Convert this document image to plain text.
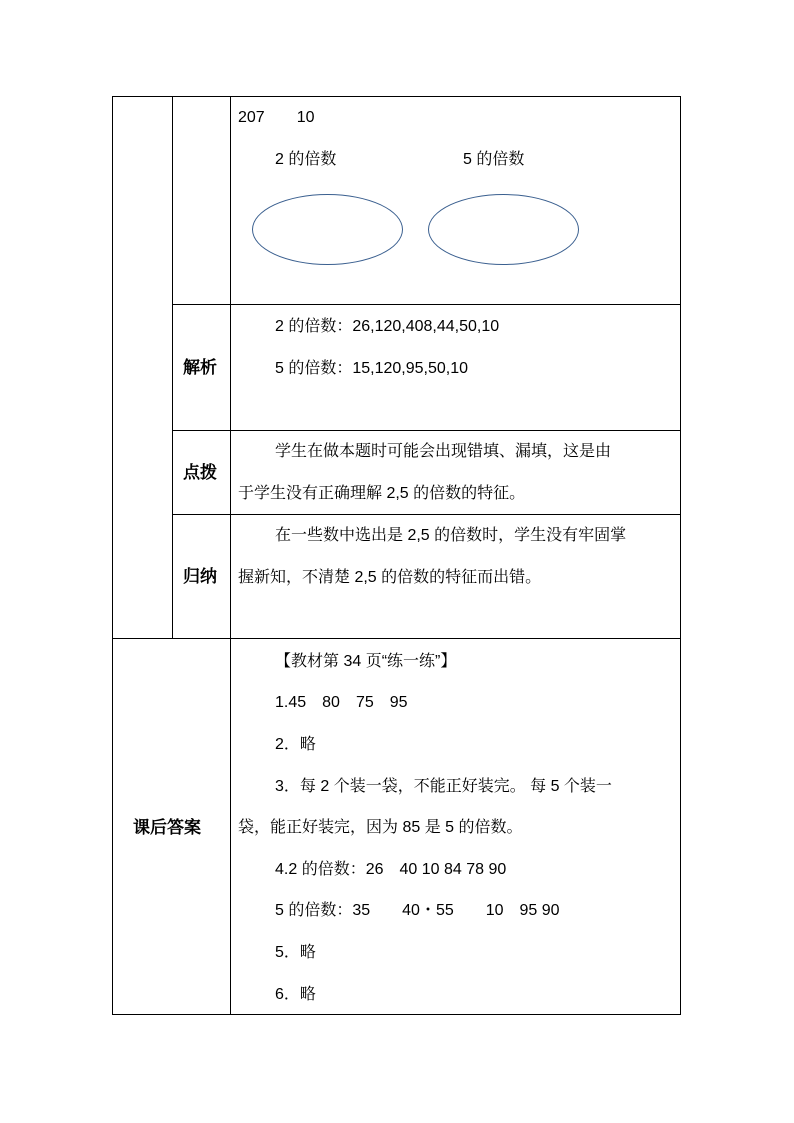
207　　10
2 的倍数	5 的倍数
解析
2 的倍数：26,120,408,44,50,10
5 的倍数：15,120,95,50,10
点拨
学生在做本题时可能会出现错填、漏填，这是由
于学生没有正确理解 2,5 的倍数的特征。
归纳
在一些数中选出是 2,5 的倍数时，学生没有牢固掌
握新知，不清楚 2,5 的倍数的特征而出错。
课后答案
【教材第 34 页“练一练”】
1.45　80　75　95
2．略
3．每 2 个装一袋，不能正好装完。 每 5 个装一
袋，能正好装完，因为 85 是 5 的倍数。
4.2 的倍数：26　40 10 84 78 90
5 的倍数：35　　40・55　　10　95 90
5．略
6．略
